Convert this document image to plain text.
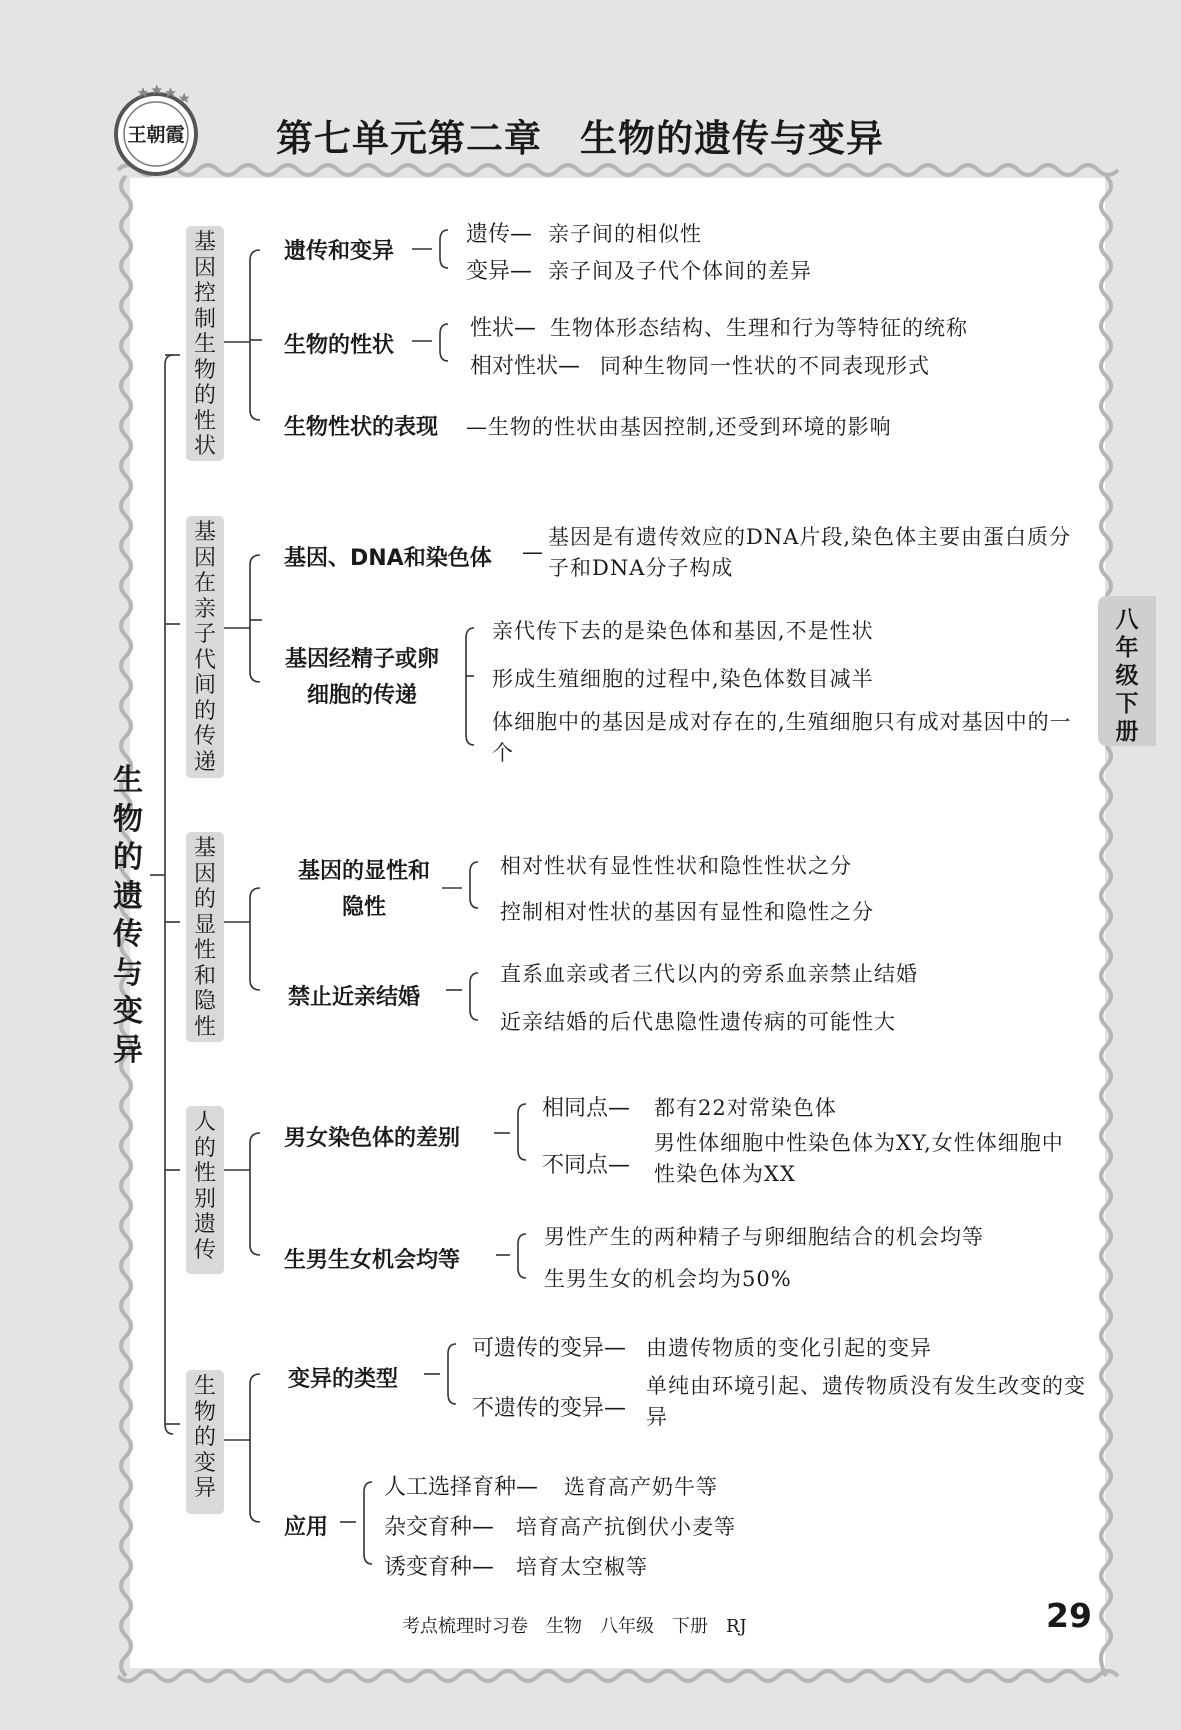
王朝霞 第七单元第二章　生物的遗传与变异
八年级下册
生物的遗传与变异
基因控制生物的性状
基因在亲子代间的传递
基因的显性和隐性
人的性别遗传
生物的变异
遗传和变异
遗传— 亲子间的相似性
变异— 亲子间及子代个体间的差异
生物的性状
性状— 生物体形态结构、生理和行为等特征的统称
相对性状— 同种生物同一性状的不同表现形式
生物性状的表现 —生物的性状由基因控制,还受到环境的影响
基因、DNA和染色体 —
基因是有遗传效应的DNA片段,染色体主要由蛋白质分子和DNA分子构成
基因经精子或卵细胞的传递
亲代传下去的是染色体和基因,不是性状
形成生殖细胞的过程中,染色体数目减半
体细胞中的基因是成对存在的,生殖细胞只有成对基因中的一个
基因的显性和隐性
相对性状有显性性状和隐性性状之分
控制相对性状的基因有显性和隐性之分
禁止近亲结婚
直系血亲或者三代以内的旁系血亲禁止结婚
近亲结婚的后代患隐性遗传病的可能性大
男女染色体的差别
相同点— 都有22对常染色体
不同点—
男性体细胞中性染色体为XY,女性体细胞中性染色体为XX
生男生女机会均等
男性产生的两种精子与卵细胞结合的机会均等
生男生女的机会均为50%
变异的类型
可遗传的变异— 由遗传物质的变化引起的变异
不遗传的变异—
单纯由环境引起、遗传物质没有发生改变的变异
应用
人工选择育种— 选育高产奶牛等
杂交育种— 培育高产抗倒伏小麦等
诱变育种— 培育太空椒等
考点梳理时习卷　生物　八年级　下册　RJ	29
